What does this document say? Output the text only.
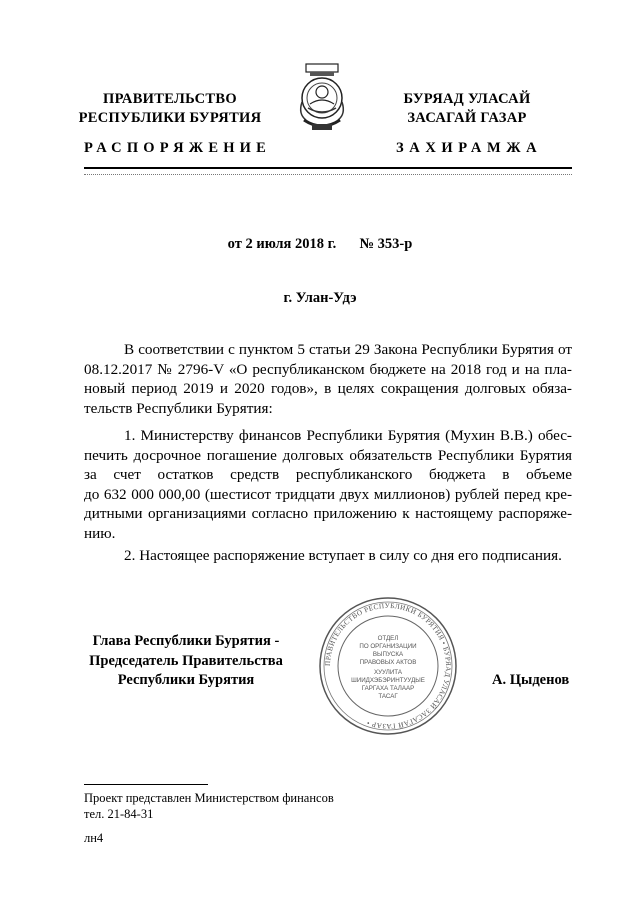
ПРАВИТЕЛЬСТВО
РЕСПУБЛИКИ БУРЯТИЯ
БУРЯАД УЛАСАЙ
ЗАСАГАЙ ГАЗАР
РАСПОРЯЖЕНИЕ	ЗАХИРАМЖА
от 2 июля 2018 г. № 353-р
г. Улан-Удэ
В соответствии с пунктом 5 статьи 29 Закона Республики Бурятия от
08.12.2017 № 2796-V «О республиканском бюджете на 2018 год и на пла-
новый период 2019 и 2020 годов», в целях сокращения долговых обяза-
тельств Республики Бурятия:
1. Министерству финансов Республики Бурятия (Мухин В.В.) обес-
печить досрочное погашение долговых обязательств Республики Бурятия
за счет остатков средств республиканского бюджета в объеме
до 632 000 000,00 (шестисот тридцати двух миллионов) рублей перед кре-
дитными организациями согласно приложению к настоящему распоряже-
нию.
2. Настоящее распоряжение вступает в силу со дня его подписания.
Глава Республики Бурятия -
Председатель Правительства
Республики Бурятия
ПРАВИТЕЛЬСТВО РЕСПУБЛИКИ БУРЯТИЯ • БУРЯАД УЛАСАЙ ЗАСАГАЙ ГАЗАР •
ОТДЕЛ
ПО ОРГАНИЗАЦИИ
ВЫПУСКА
ПРАВОВЫХ АКТОВ
ХУУЛИТА
ШИИДХЭБЭРИНТУУДЫЕ
ГАРГАХА ТАЛААР
ТАСАГ
А. Цыденов
Проект представлен Министерством финансов
тел. 21-84-31
лн4
